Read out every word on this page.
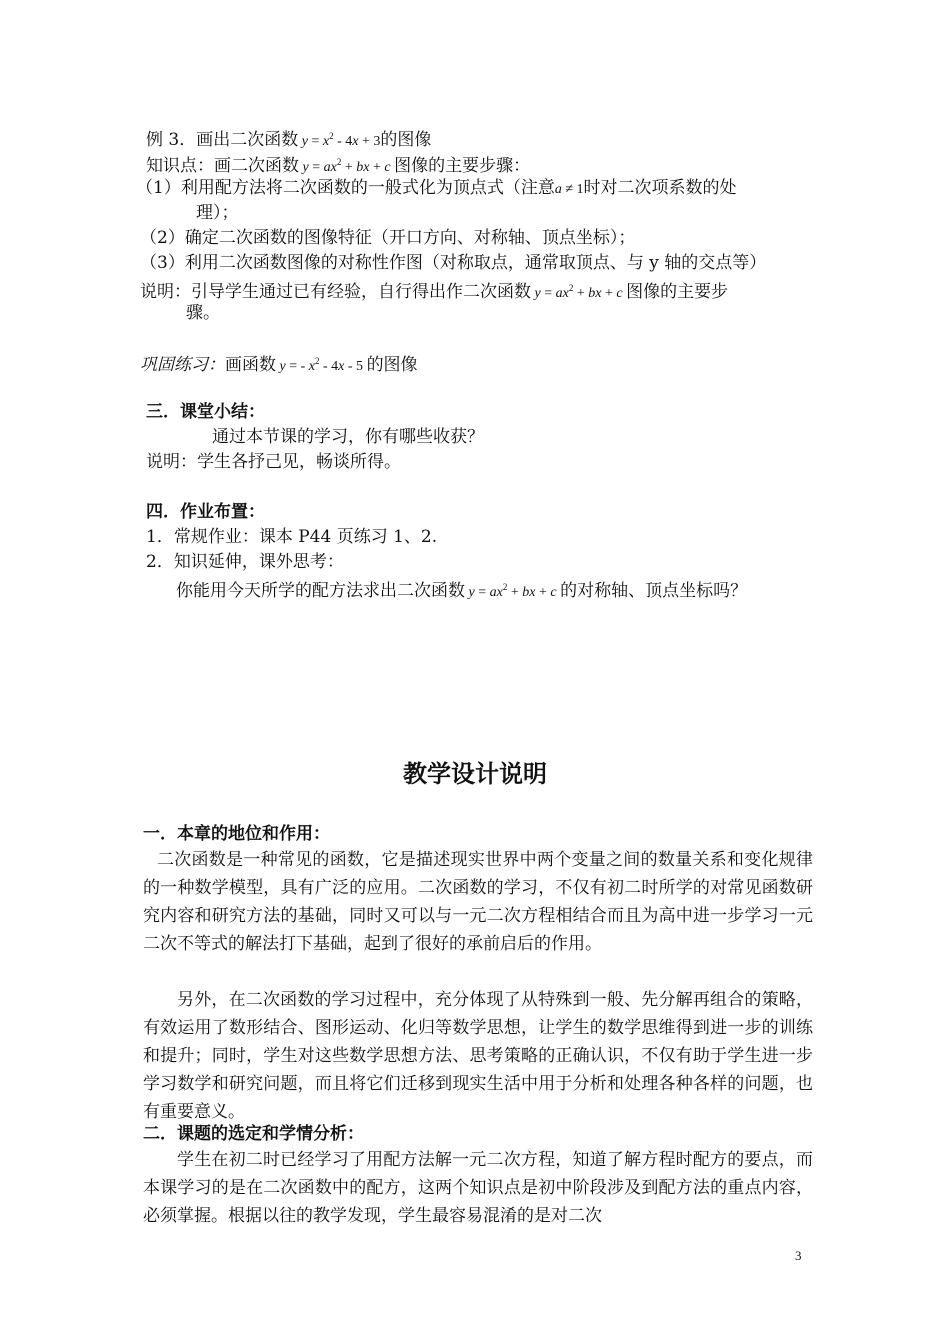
例 3．画出二次函数 $y = x^2 - 4x + 3$的图像
知识点：画二次函数 $y = ax^2$ + bx + c 图像的主要步骤：
（1）利用配方法将二次函数的一般式化为顶点式（注意a ≠ 1时对二次项系数的处
理）；
（2）确定二次函数的图像特征（开口方向、对称轴、顶点坐标）；
（3）利用二次函数图像的对称性作图（对称取点，通常取顶点、与 y 轴的交点等）
说明：引导学生通过已有经验，自行得出作二次函数 $y = ax^2$ + bx + c 图像的主要步
骤。
巩固练习：画函数 y = - $x^2 - 4x - 5$ 的图像
三．课堂小结：
通过本节课的学习，你有哪些收获？
说明：学生各抒己见，畅谈所得。
四．作业布置：
1．常规作业：课本 P44 页练习 1、2.
2．知识延伸，课外思考：
你能用今天所学的配方法求出二次函数 $y = ax^2$ + bx + c 的对称轴、顶点坐标吗？
教学设计说明
一．本章的地位和作用：
二次函数是一种常见的函数，它是描述现实世界中两个变量之间的数量关系和变化规律的一种数学模型，具有广泛的应用。二次函数的学习，不仅有初二时所学的对常见函数研究内容和研究方法的基础，同时又可以与一元二次方程相结合而且为高中进一步学习一元二次不等式的解法打下基础，起到了很好的承前启后的作用。
另外，在二次函数的学习过程中，充分体现了从特殊到一般、先分解再组合的策略，有效运用了数形结合、图形运动、化归等数学思想，让学生的数学思维得到进一步的训练和提升；同时，学生对这些数学思想方法、思考策略的正确认识，不仅有助于学生进一步学习数学和研究问题，而且将它们迁移到现实生活中用于分析和处理各种各样的问题，也有重要意义。
二．课题的选定和学情分析：
学生在初二时已经学习了用配方法解一元二次方程，知道了解方程时配方的要点，而本课学习的是在二次函数中的配方，这两个知识点是初中阶段涉及到配方法的重点内容，必须掌握。根据以往的教学发现，学生最容易混淆的是对二次
3
